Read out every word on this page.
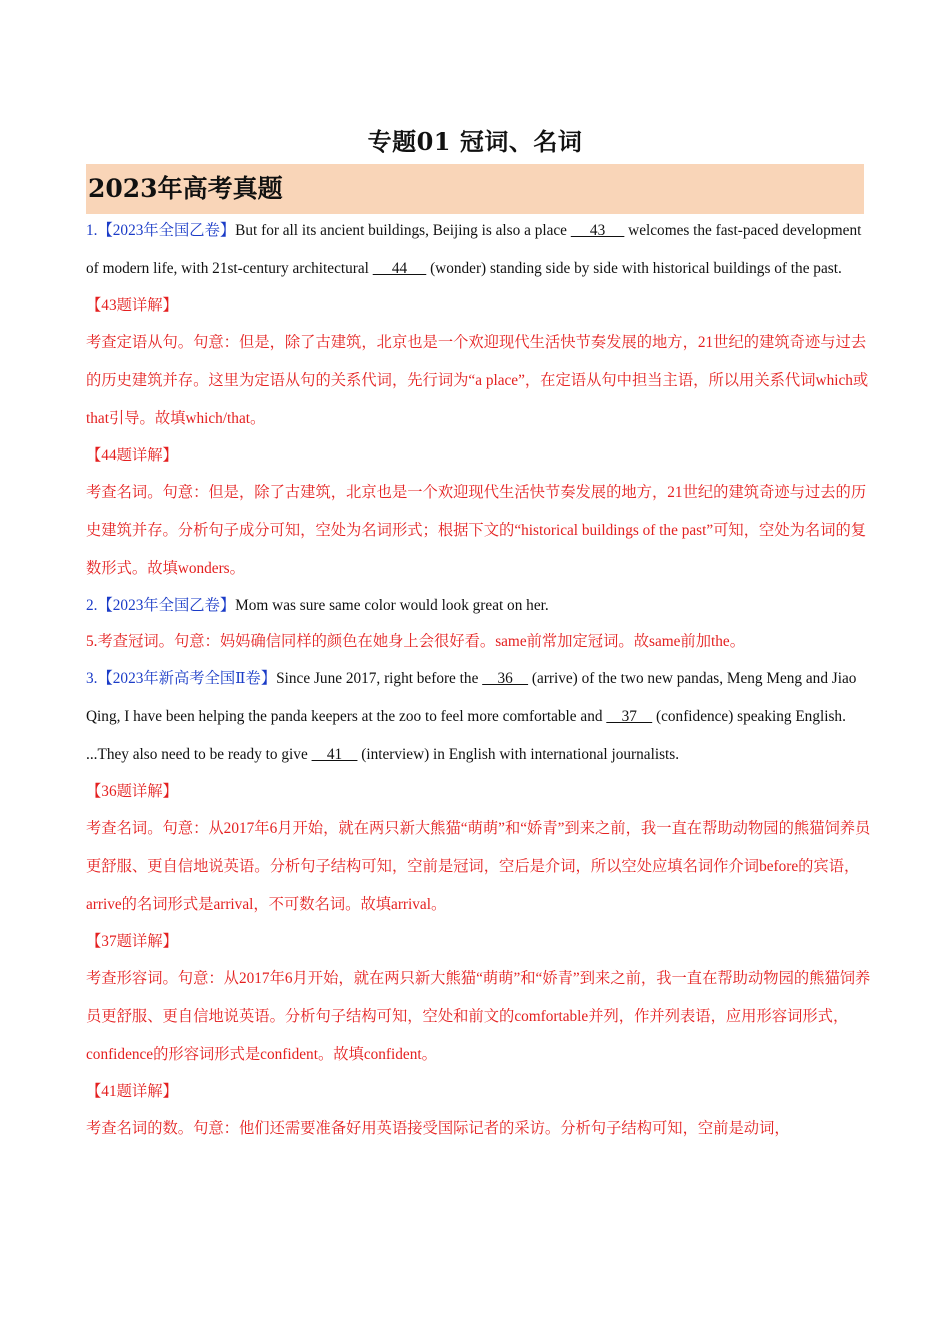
专题01 冠词、名词
2023年高考真题

1.【2023年全国乙卷】But for all its ancient buildings, Beijing is also a place      43      welcomes the fast-paced development of modern life, with 21st-century architectural      44      (wonder) standing side by side with historical buildings of the past.

【43题详解】

考查定语从句。句意：但是，除了古建筑，北京也是一个欢迎现代生活快节奏发展的地方，21世纪的建筑奇迹与过去的历史建筑并存。这里为定语从句的关系代词，先行词为“a place”，在定语从句中担当主语，所以用关系代词which或that引导。故填which/that。

【44题详解】

考查名词。句意：但是，除了古建筑，北京也是一个欢迎现代生活快节奏发展的地方，21世纪的建筑奇迹与过去的历史建筑并存。分析句子成分可知，空处为名词形式；根据下文的“historical buildings of the past”可知，空处为名词的复数形式。故填wonders。

2.【2023年全国乙卷】Mom was sure same color would look great on her.

5.考查冠词。句意：妈妈确信同样的颜色在她身上会很好看。same前常加定冠词。故same前加the。

3.【2023年新高考全国Ⅱ卷】Since June 2017, right before the     36     (arrive) of the two new pandas, Meng Meng and Jiao Qing, I have been helping the panda keepers at the zoo to feel more comfortable and     37     (confidence) speaking English. ...They also need to be ready to give     41     (interview) in English with international journalists.

【36题详解】

考查名词。句意：从2017年6月开始，就在两只新大熊猫“萌萌”和“娇青”到来之前，我一直在帮助动物园的熊猫饲养员更舒服、更自信地说英语。分析句子结构可知，空前是冠词，空后是介词，所以空处应填名词作介词before的宾语，arrive的名词形式是arrival，不可数名词。故填arrival。

【37题详解】

考查形容词。句意：从2017年6月开始，就在两只新大熊猫“萌萌”和“娇青”到来之前，我一直在帮助动物园的熊猫饲养员更舒服、更自信地说英语。分析句子结构可知，空处和前文的comfortable并列，作并列表语，应用形容词形式，confidence的形容词形式是confident。故填confident。

【41题详解】

考查名词的数。句意：他们还需要准备好用英语接受国际记者的采访。分析句子结构可知，空前是动词，
